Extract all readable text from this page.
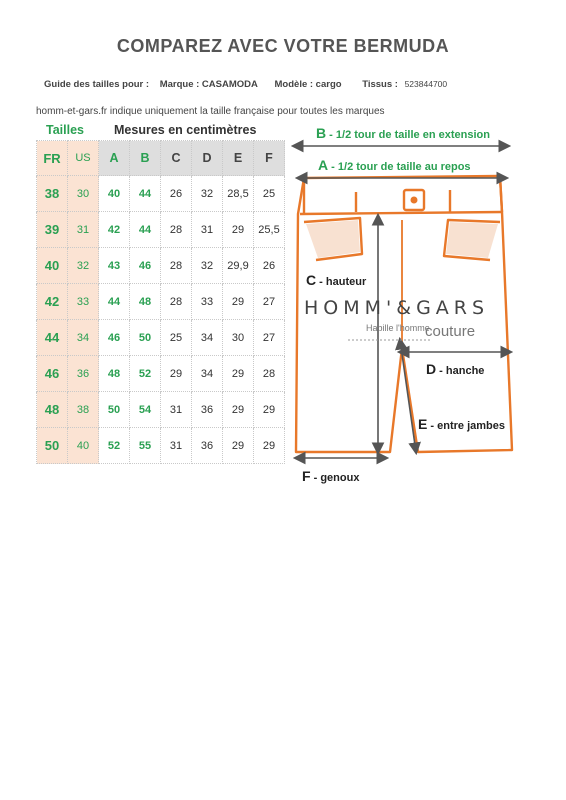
COMPAREZ AVEC VOTRE BERMUDA
Guide des tailles pour : Marque : CASAMODA Modèle : cargo Tissus : 523844700
homm-et-gars.fr indique uniquement la taille française pour toutes les marques
Tailles Mesures en centimètres
FR	US	A	B	C	D	E	F
38	30	40	44	26	32	28,5	25
39	31	42	44	28	31	29	25,5
40	32	43	46	28	32	29,9	26
42	33	44	48	28	33	29	27
44	34	46	50	25	34	30	27
46	36	48	52	29	34	29	28
48	38	50	54	31	36	29	29
50	40	52	55	31	36	29	29
B - 1/2 tour de taille en extension
A - 1/2 tour de taille au repos
C - hauteur
D - hanche
E - entre jambes
F - genoux
HOMM'&GARS
Habille l'homme
couture
